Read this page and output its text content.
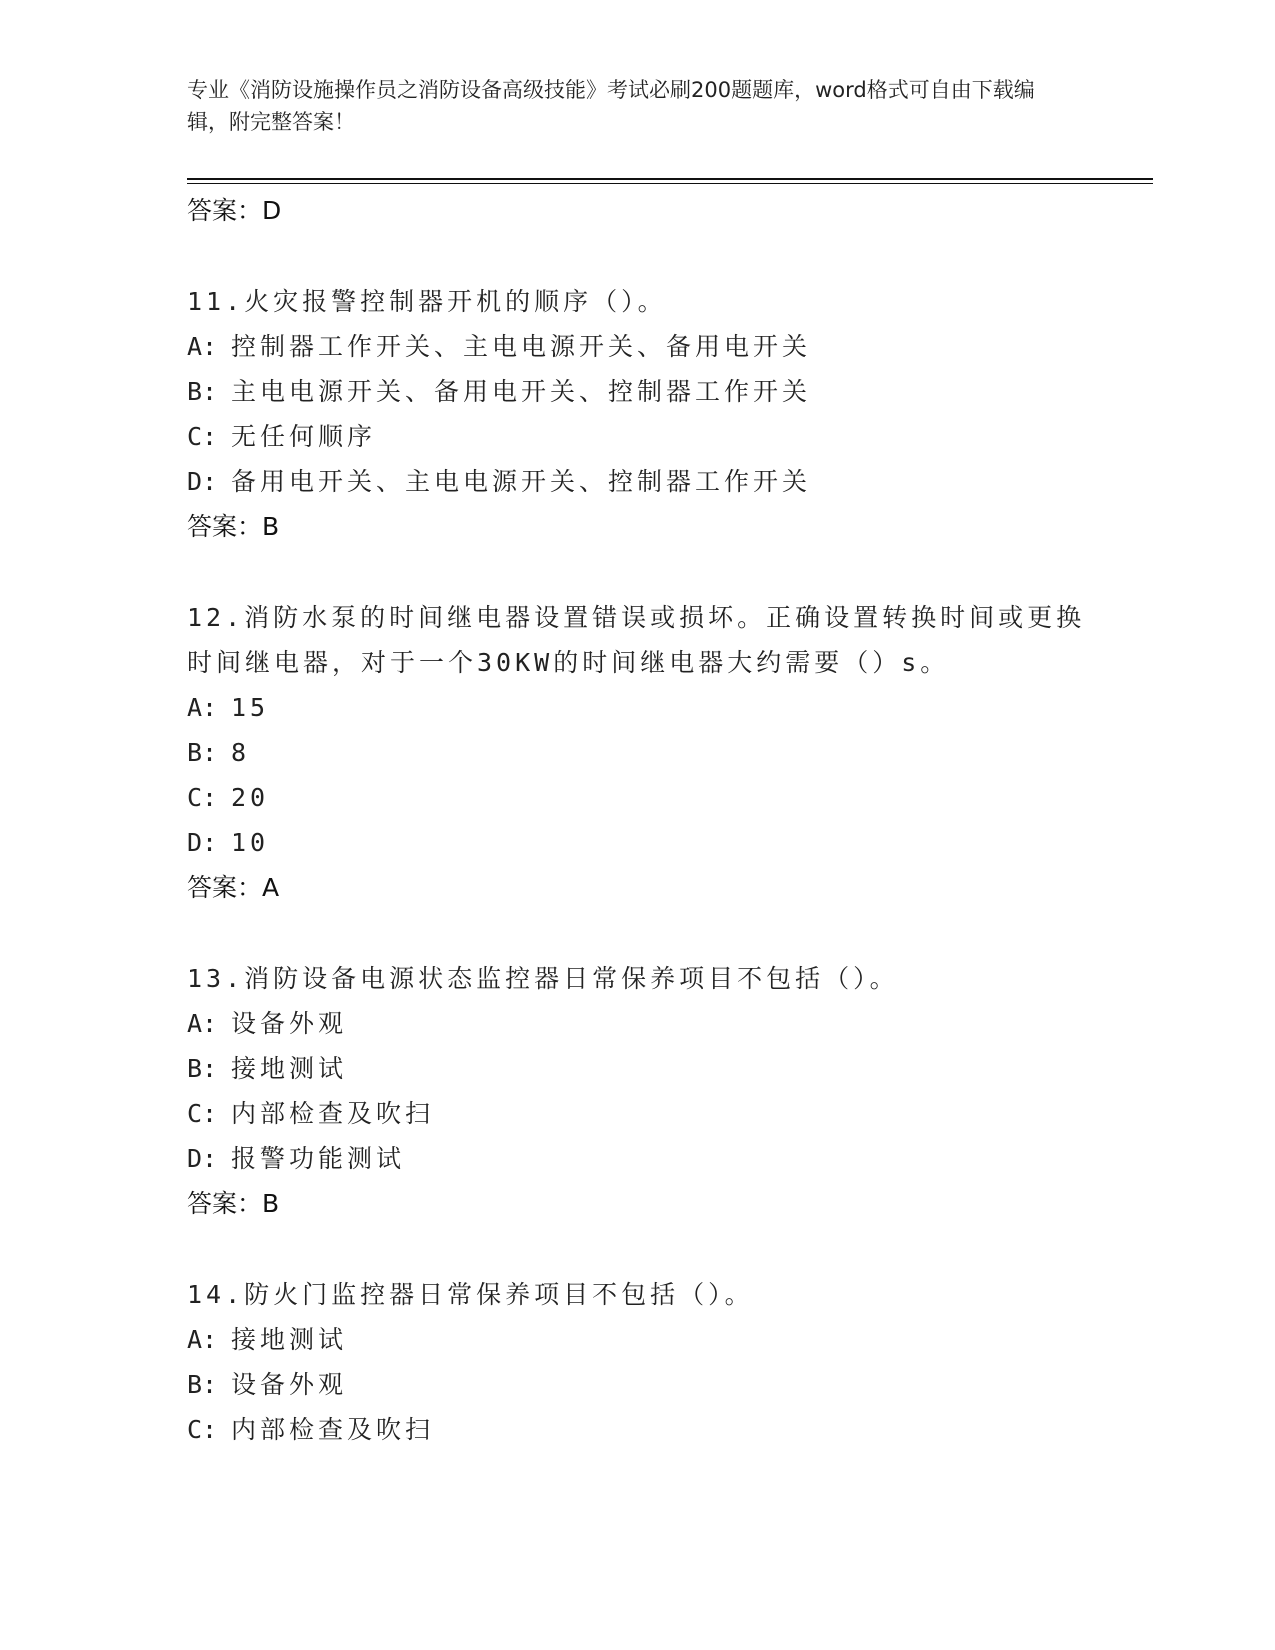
专业《消防设施操作员之消防设备高级技能》考试必刷200题题库，word格式可自由下载编辑，附完整答案！
答案：D
11.火灾报警控制器开机的顺序（）。
A: 控制器工作开关、主电电源开关、备用电开关
B: 主电电源开关、备用电开关、控制器工作开关
C: 无任何顺序
D: 备用电开关、主电电源开关、控制器工作开关
答案：B
12.消防水泵的时间继电器设置错误或损坏。正确设置转换时间或更换时间继电器，对于一个30KW的时间继电器大约需要（）s。
A: 15
B: 8
C: 20
D: 10
答案：A
13.消防设备电源状态监控器日常保养项目不包括（）。
A: 设备外观
B: 接地测试
C: 内部检查及吹扫
D: 报警功能测试
答案：B
14.防火门监控器日常保养项目不包括（）。
A: 接地测试
B: 设备外观
C: 内部检查及吹扫
